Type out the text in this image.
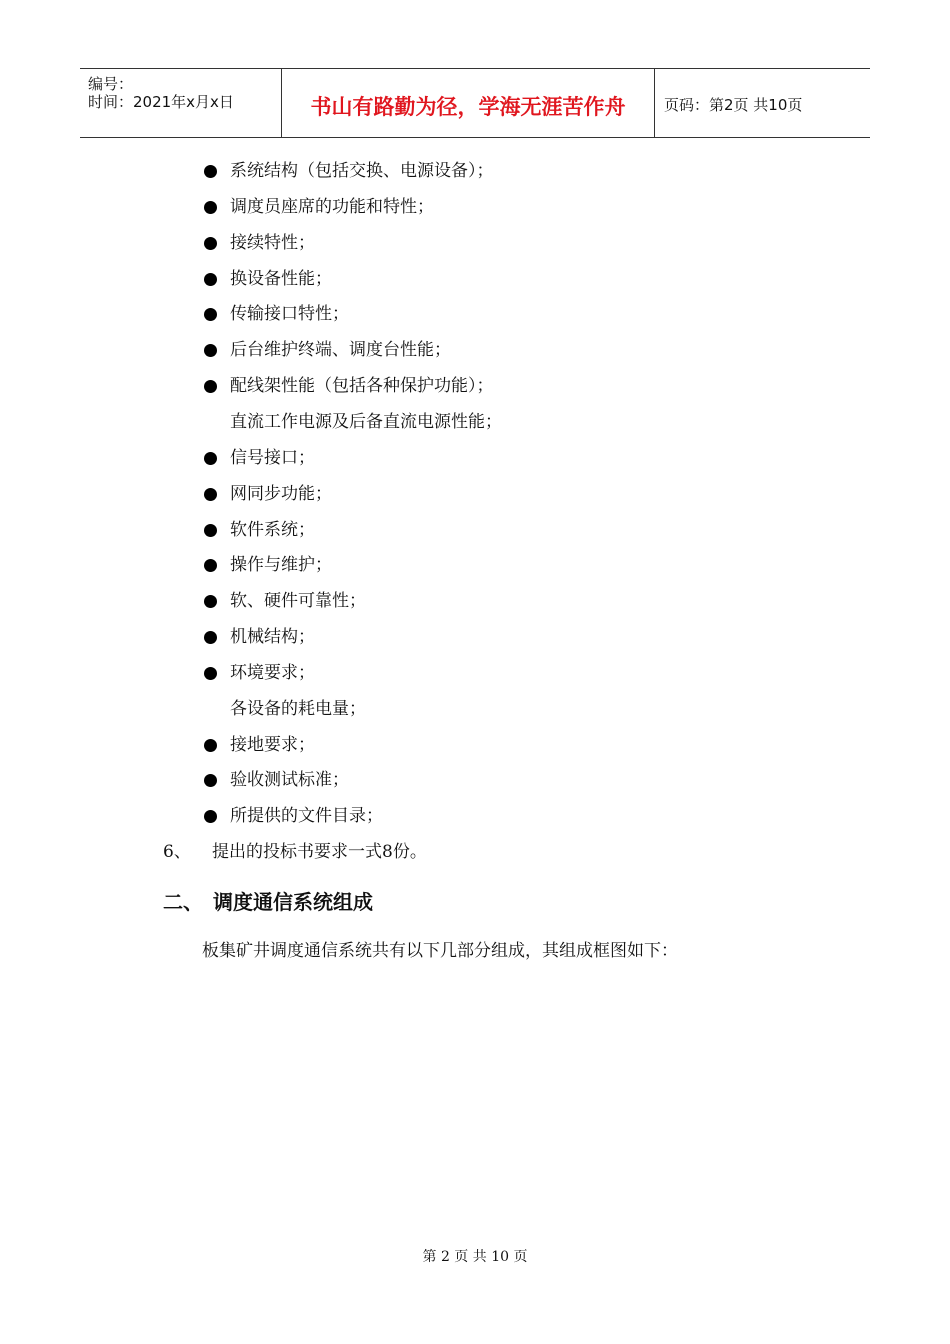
编号：
时间：2021年x月x日	书山有路勤为径，学海无涯苦作舟	页码：第2页 共10页
系统结构（包括交换、电源设备）；
调度员座席的功能和特性；
接续特性；
换设备性能；
传输接口特性；
后台维护终端、调度台性能；
配线架性能（包括各种保护功能）；
直流工作电源及后备直流电源性能；
信号接口；
网同步功能；
软件系统；
操作与维护；
软、硬件可靠性；
机械结构；
环境要求；
各设备的耗电量；
接地要求；
验收测试标准；
所提供的文件目录；
6、 提出的投标书要求一式8份。
二、 调度通信系统组成
板集矿井调度通信系统共有以下几部分组成，其组成框图如下：
第 2 页 共 10 页
